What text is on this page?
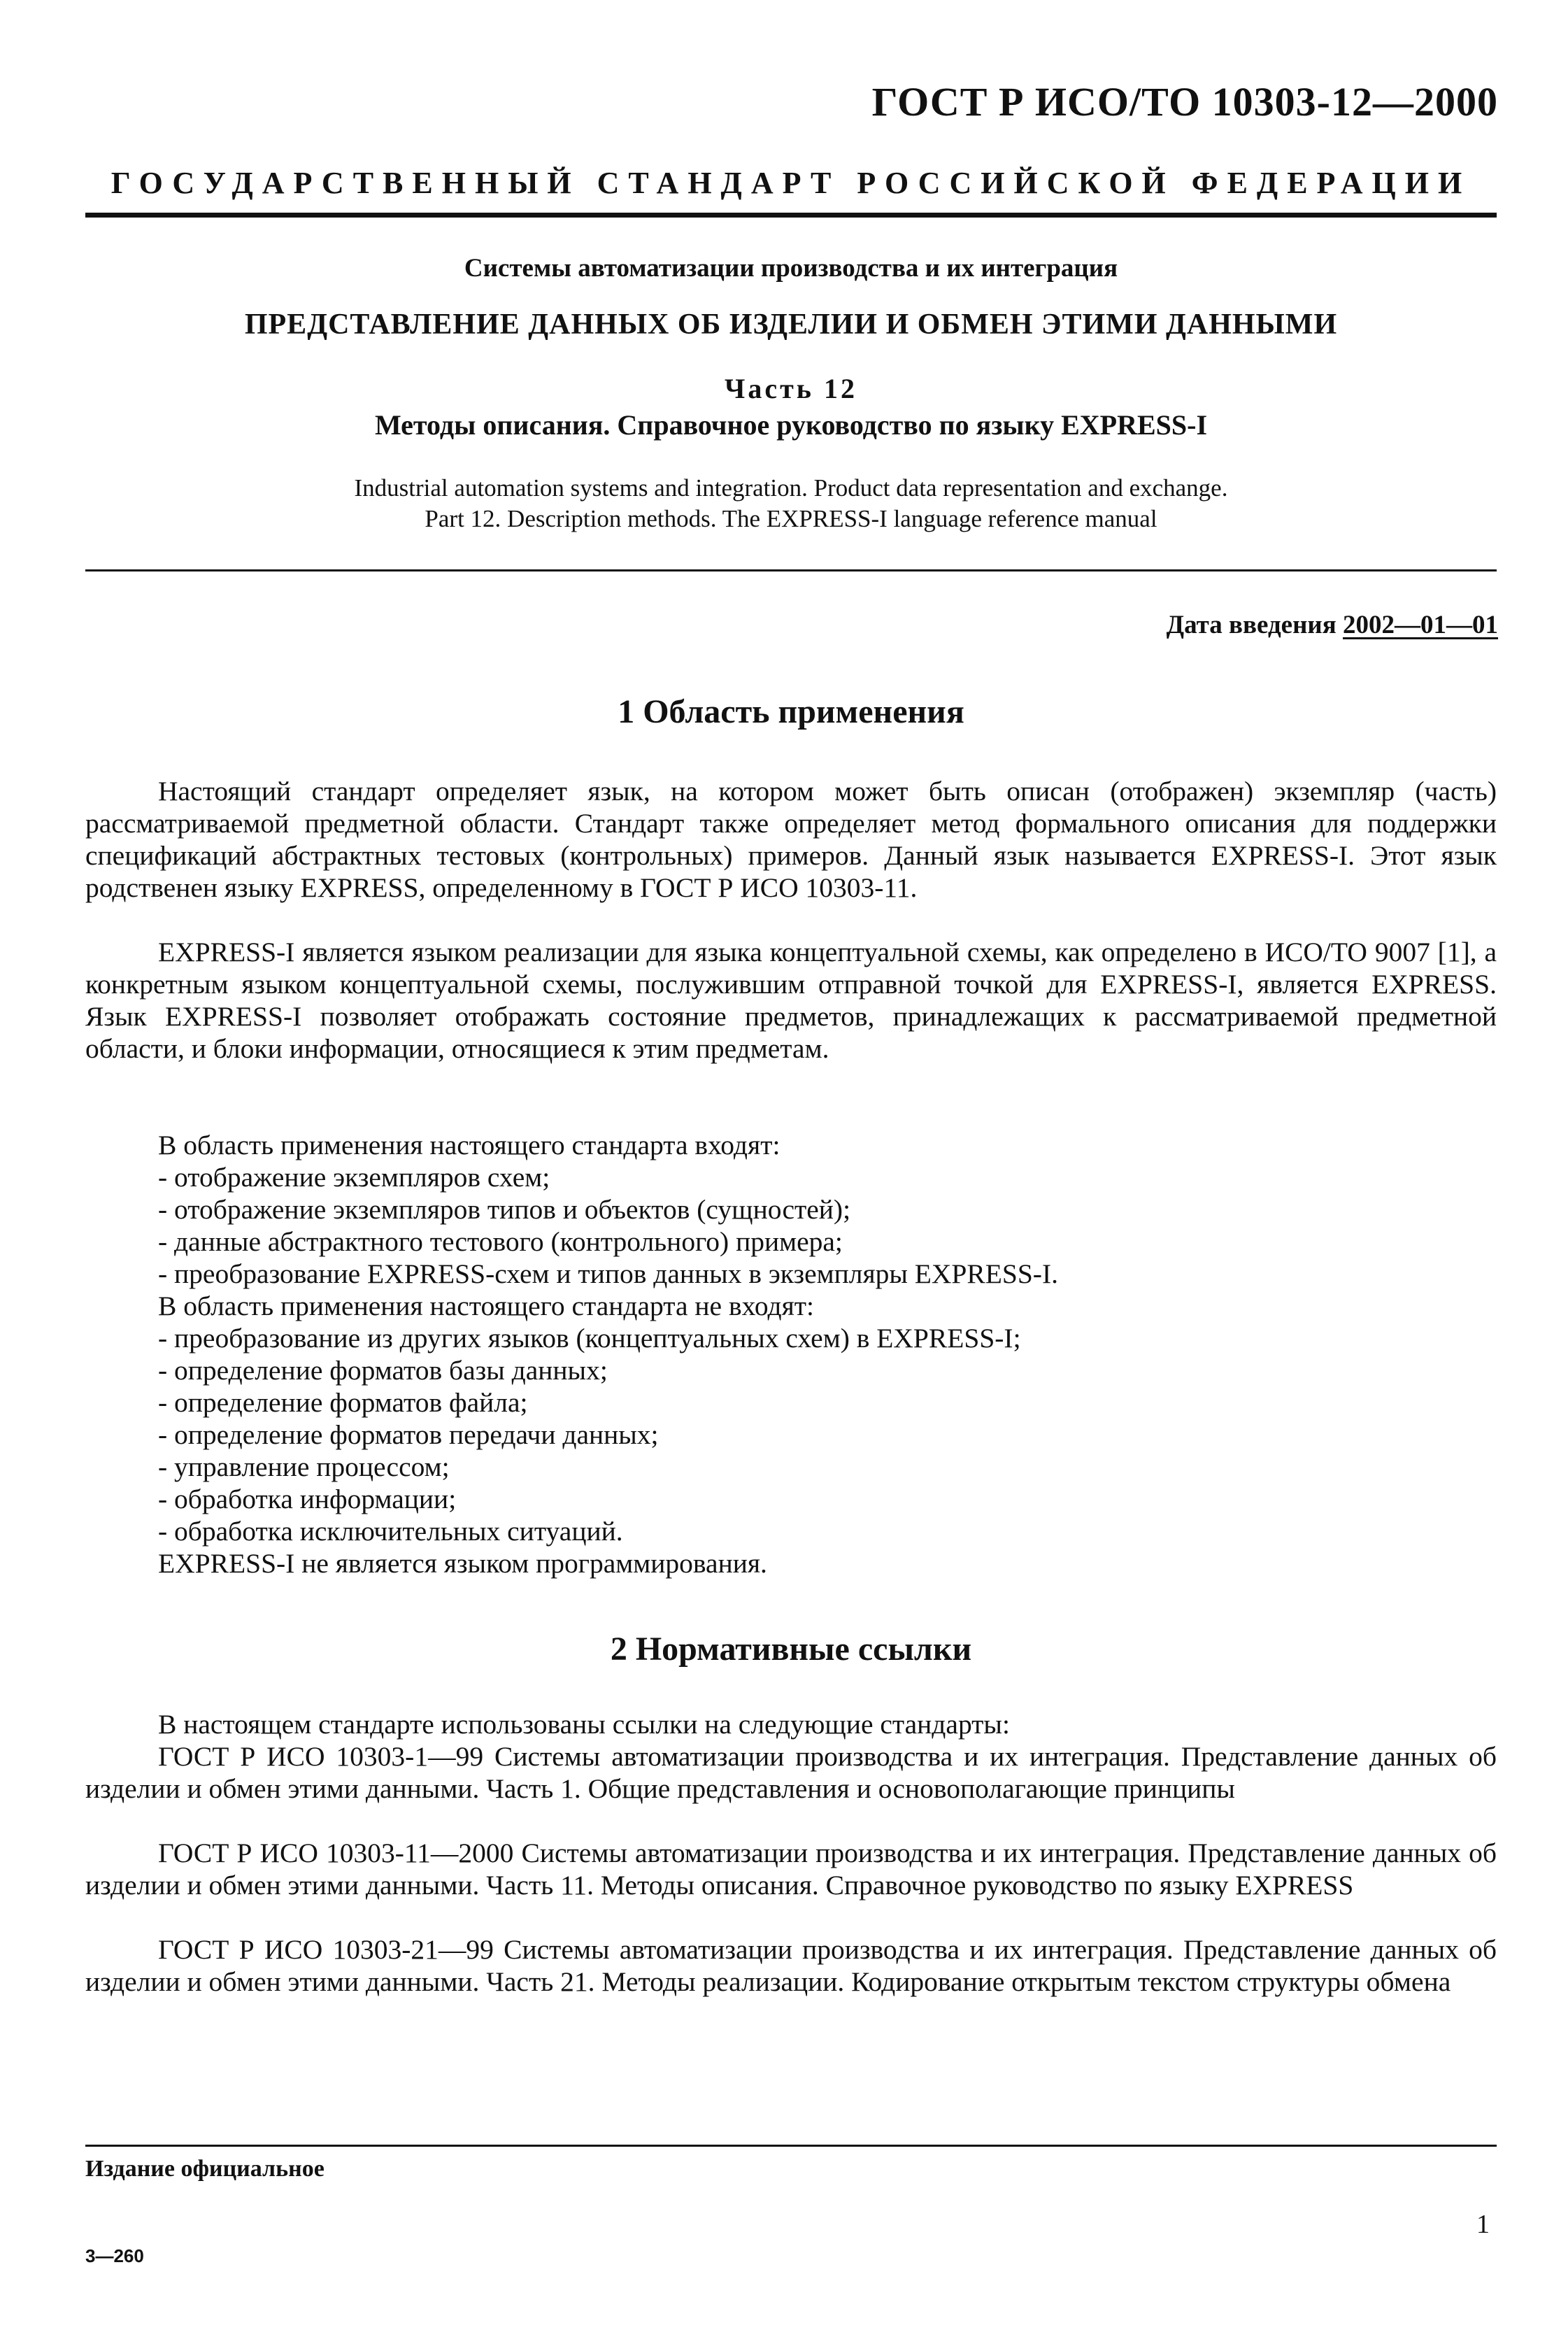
ГОСТ Р ИСО/ТО 10303-12—2000
ГОСУДАРСТВЕННЫЙ СТАНДАРТ РОССИЙСКОЙ ФЕДЕРАЦИИ
Системы автоматизации производства и их интеграция
ПРЕДСТАВЛЕНИЕ ДАННЫХ ОБ ИЗДЕЛИИ И ОБМЕН ЭТИМИ ДАННЫМИ
Часть 12
Методы описания. Справочное руководство по языку EXPRESS-I
Industrial automation systems and integration. Product data representation and exchange.
Part 12. Description methods. The EXPRESS-I language reference manual
Дата введения 2002—01—01
1 Область применения

Настоящий стандарт определяет язык, на котором может быть описан (отображен) экземпляр (часть) рассматриваемой предметной области. Стандарт также определяет метод формального описания для поддержки спецификаций абстрактных тестовых (контрольных) примеров. Данный язык называется EXPRESS-I. Этот язык родственен языку EXPRESS, определенному в ГОСТ Р ИСО 10303-11.

EXPRESS-I является языком реализации для языка концептуальной схемы, как определено в ИСО/ТО 9007 [1], а конкретным языком концептуальной схемы, послужившим отправной точкой для EXPRESS-I, является EXPRESS. Язык EXPRESS-I позволяет отображать состояние предметов, принадлежащих к рассматриваемой предметной области, и блоки информации, относящиеся к этим предметам.

В область применения настоящего стандарта входят:
- отображение экземпляров схем;
- отображение экземпляров типов и объектов (сущностей);
- данные абстрактного тестового (контрольного) примера;
- преобразование EXPRESS-схем и типов данных в экземпляры EXPRESS-I.
В область применения настоящего стандарта не входят:
- преобразование из других языков (концептуальных схем) в EXPRESS-I;
- определение форматов базы данных;
- определение форматов файла;
- определение форматов передачи данных;
- управление процессом;
- обработка информации;
- обработка исключительных ситуаций.
EXPRESS-I не является языком программирования.
2 Нормативные ссылки
В настоящем стандарте использованы ссылки на следующие стандарты:

ГОСТ Р ИСО 10303-1—99 Системы автоматизации производства и их интеграция. Представление данных об изделии и обмен этими данными. Часть 1. Общие представления и основополагающие принципы

ГОСТ Р ИСО 10303-11—2000 Системы автоматизации производства и их интеграция. Представление данных об изделии и обмен этими данными. Часть 11. Методы описания. Справочное руководство по языку EXPRESS

ГОСТ Р ИСО 10303-21—99 Системы автоматизации производства и их интеграция. Представление данных об изделии и обмен этими данными. Часть 21. Методы реализации. Кодирование открытым текстом структуры обмена

Издание официальное
1
3—260
